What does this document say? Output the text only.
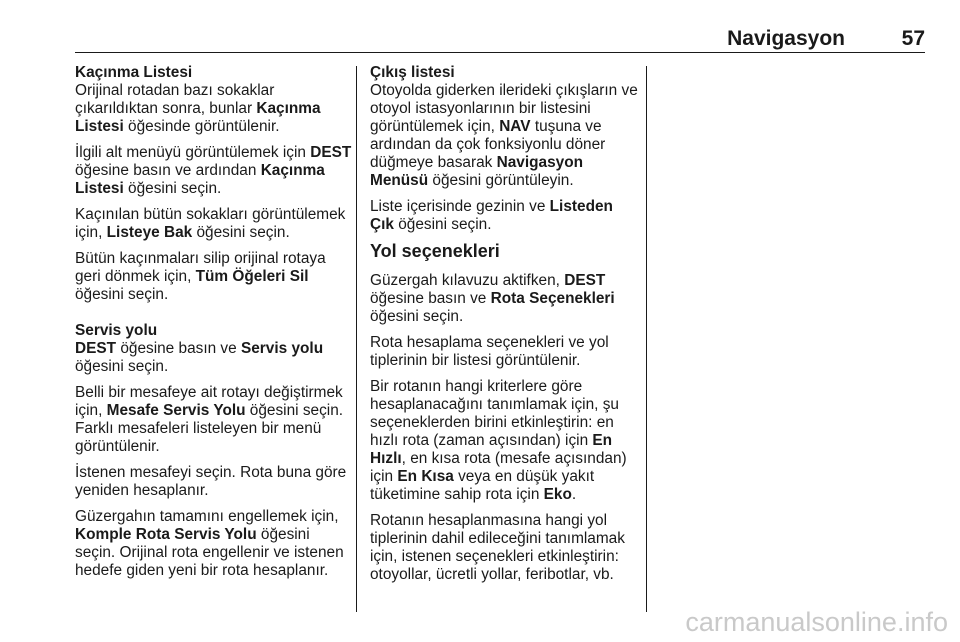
Navigasyon	57

Kaçınma Listesi

Orijinal rotadan bazı sokaklar çıkarıldıktan sonra, bunlar Kaçınma Listesi öğesinde görüntülenir.

İlgili alt menüyü görüntülemek için DEST öğesine basın ve ardından Kaçınma Listesi öğesini seçin.

Kaçınılan bütün sokakları görüntülemek için, Listeye Bak öğesini seçin.

Bütün kaçınmaları silip orijinal rotaya geri dönmek için, Tüm Öğeleri Sil öğesini seçin.

Servis yolu

DEST öğesine basın ve Servis yolu öğesini seçin.

Belli bir mesafeye ait rotayı değiştirmek için, Mesafe Servis Yolu öğesini seçin. Farklı mesafeleri listeleyen bir menü görüntülenir.

İstenen mesafeyi seçin. Rota buna göre yeniden hesaplanır.

Güzergahın tamamını engellemek için, Komple Rota Servis Yolu öğesini seçin. Orijinal rota engellenir ve istenen hedefe giden yeni bir rota hesaplanır.

Çıkış listesi

Otoyolda giderken ilerideki çıkışların ve otoyol istasyonlarının bir listesini görüntülemek için, NAV tuşuna ve ardından da çok fonksiyonlu döner düğmeye basarak Navigasyon Menüsü öğesini görüntüleyin.

Liste içerisinde gezinin ve Listeden Çık öğesini seçin.

Yol seçenekleri

Güzergah kılavuzu aktifken, DEST öğesine basın ve Rota Seçenekleri öğesini seçin.

Rota hesaplama seçenekleri ve yol tiplerinin bir listesi görüntülenir.

Bir rotanın hangi kriterlere göre hesaplanacağını tanımlamak için, şu seçeneklerden birini etkinleştirin: en hızlı rota (zaman açısından) için En Hızlı, en kısa rota (mesafe açısından) için En Kısa veya en düşük yakıt tüketimine sahip rota için Eko.

Rotanın hesaplanmasına hangi yol tiplerinin dahil edileceğini tanımlamak için, istenen seçenekleri etkinleştirin: otoyollar, ücretli yollar, feribotlar, vb.

carmanualsonline.info
